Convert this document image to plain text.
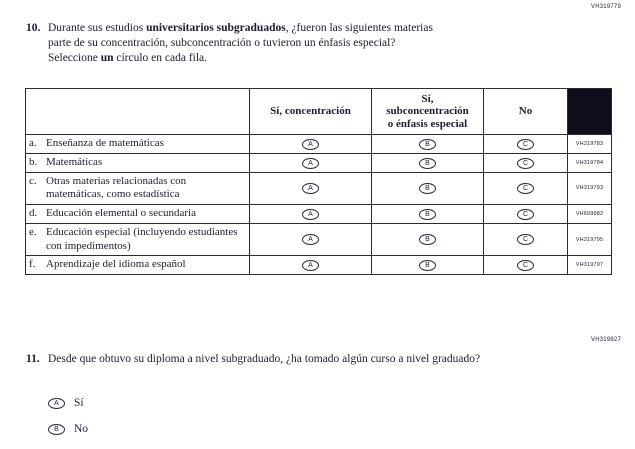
VH319779
10. Durante sus estudios universitarios subgraduados, ¿fueron las siguientes materias parte de su concentración, subconcentración o tuvieron un énfasis especial? Seleccione un círculo en cada fila.
	Sí, concentración	Sí,
subconcentración
o énfasis especial	No	

a. Enseñanza de matemáticas	A	B	C	VH319783

b. Matemáticas	A	B	C	VH319784

c. Otras materias relacionadas con matemáticas, como estadística	A	B	C	VH319793

d. Educación elemental o secundaria	A	B	C	VH609982

e. Educación especial (incluyendo estudiantes con impedimentos)	A	B	C	VH319795

f. Aprendizaje del idioma español	A	B	C	VH319797
VH319827
11. Desde que obtuvo su diploma a nivel subgraduado, ¿ha tomado algún curso a nivel graduado?
A	Sí
B	No
